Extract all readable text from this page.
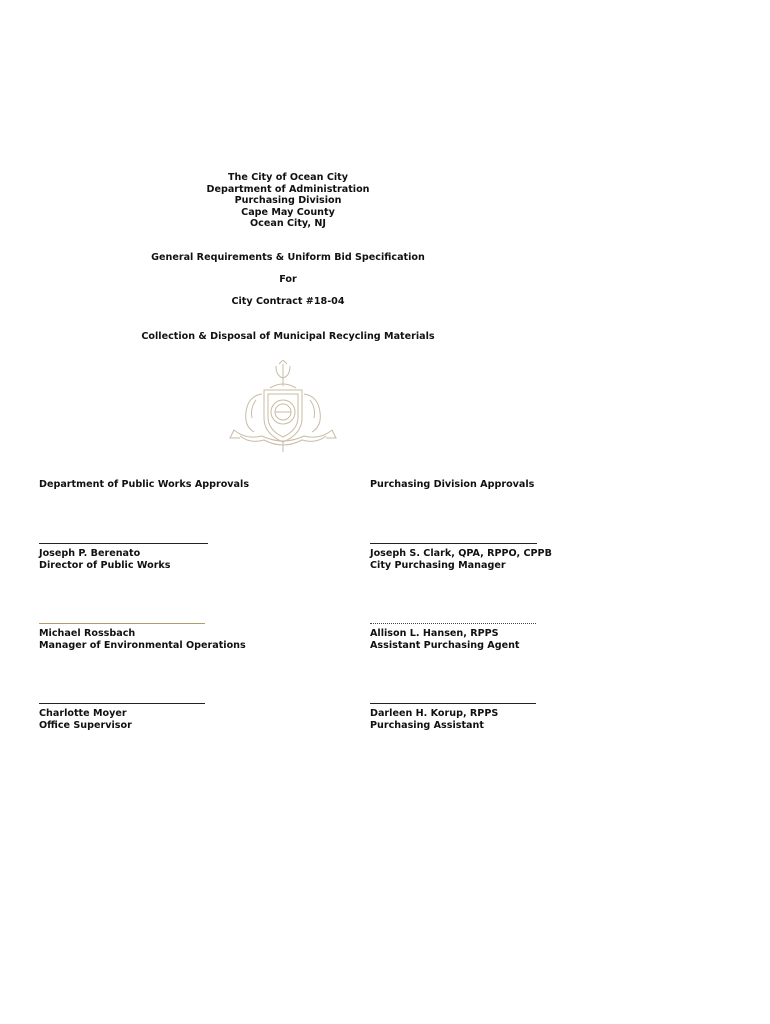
The City of Ocean City
Department of Administration
Purchasing Division
Cape May County
Ocean City, NJ
General Requirements & Uniform Bid Specification
For
City Contract #18-04
Collection & Disposal of Municipal Recycling Materials
Department of Public Works Approvals	Purchasing Division Approvals
Joseph P. Berenato
Director of Public Works
Michael Rossbach
Manager of Environmental Operations
Charlotte Moyer
Office Supervisor
Joseph S. Clark, QPA, RPPO, CPPB
City Purchasing Manager
Allison L. Hansen, RPPS
Assistant Purchasing Agent
Darleen H. Korup, RPPS
Purchasing Assistant
